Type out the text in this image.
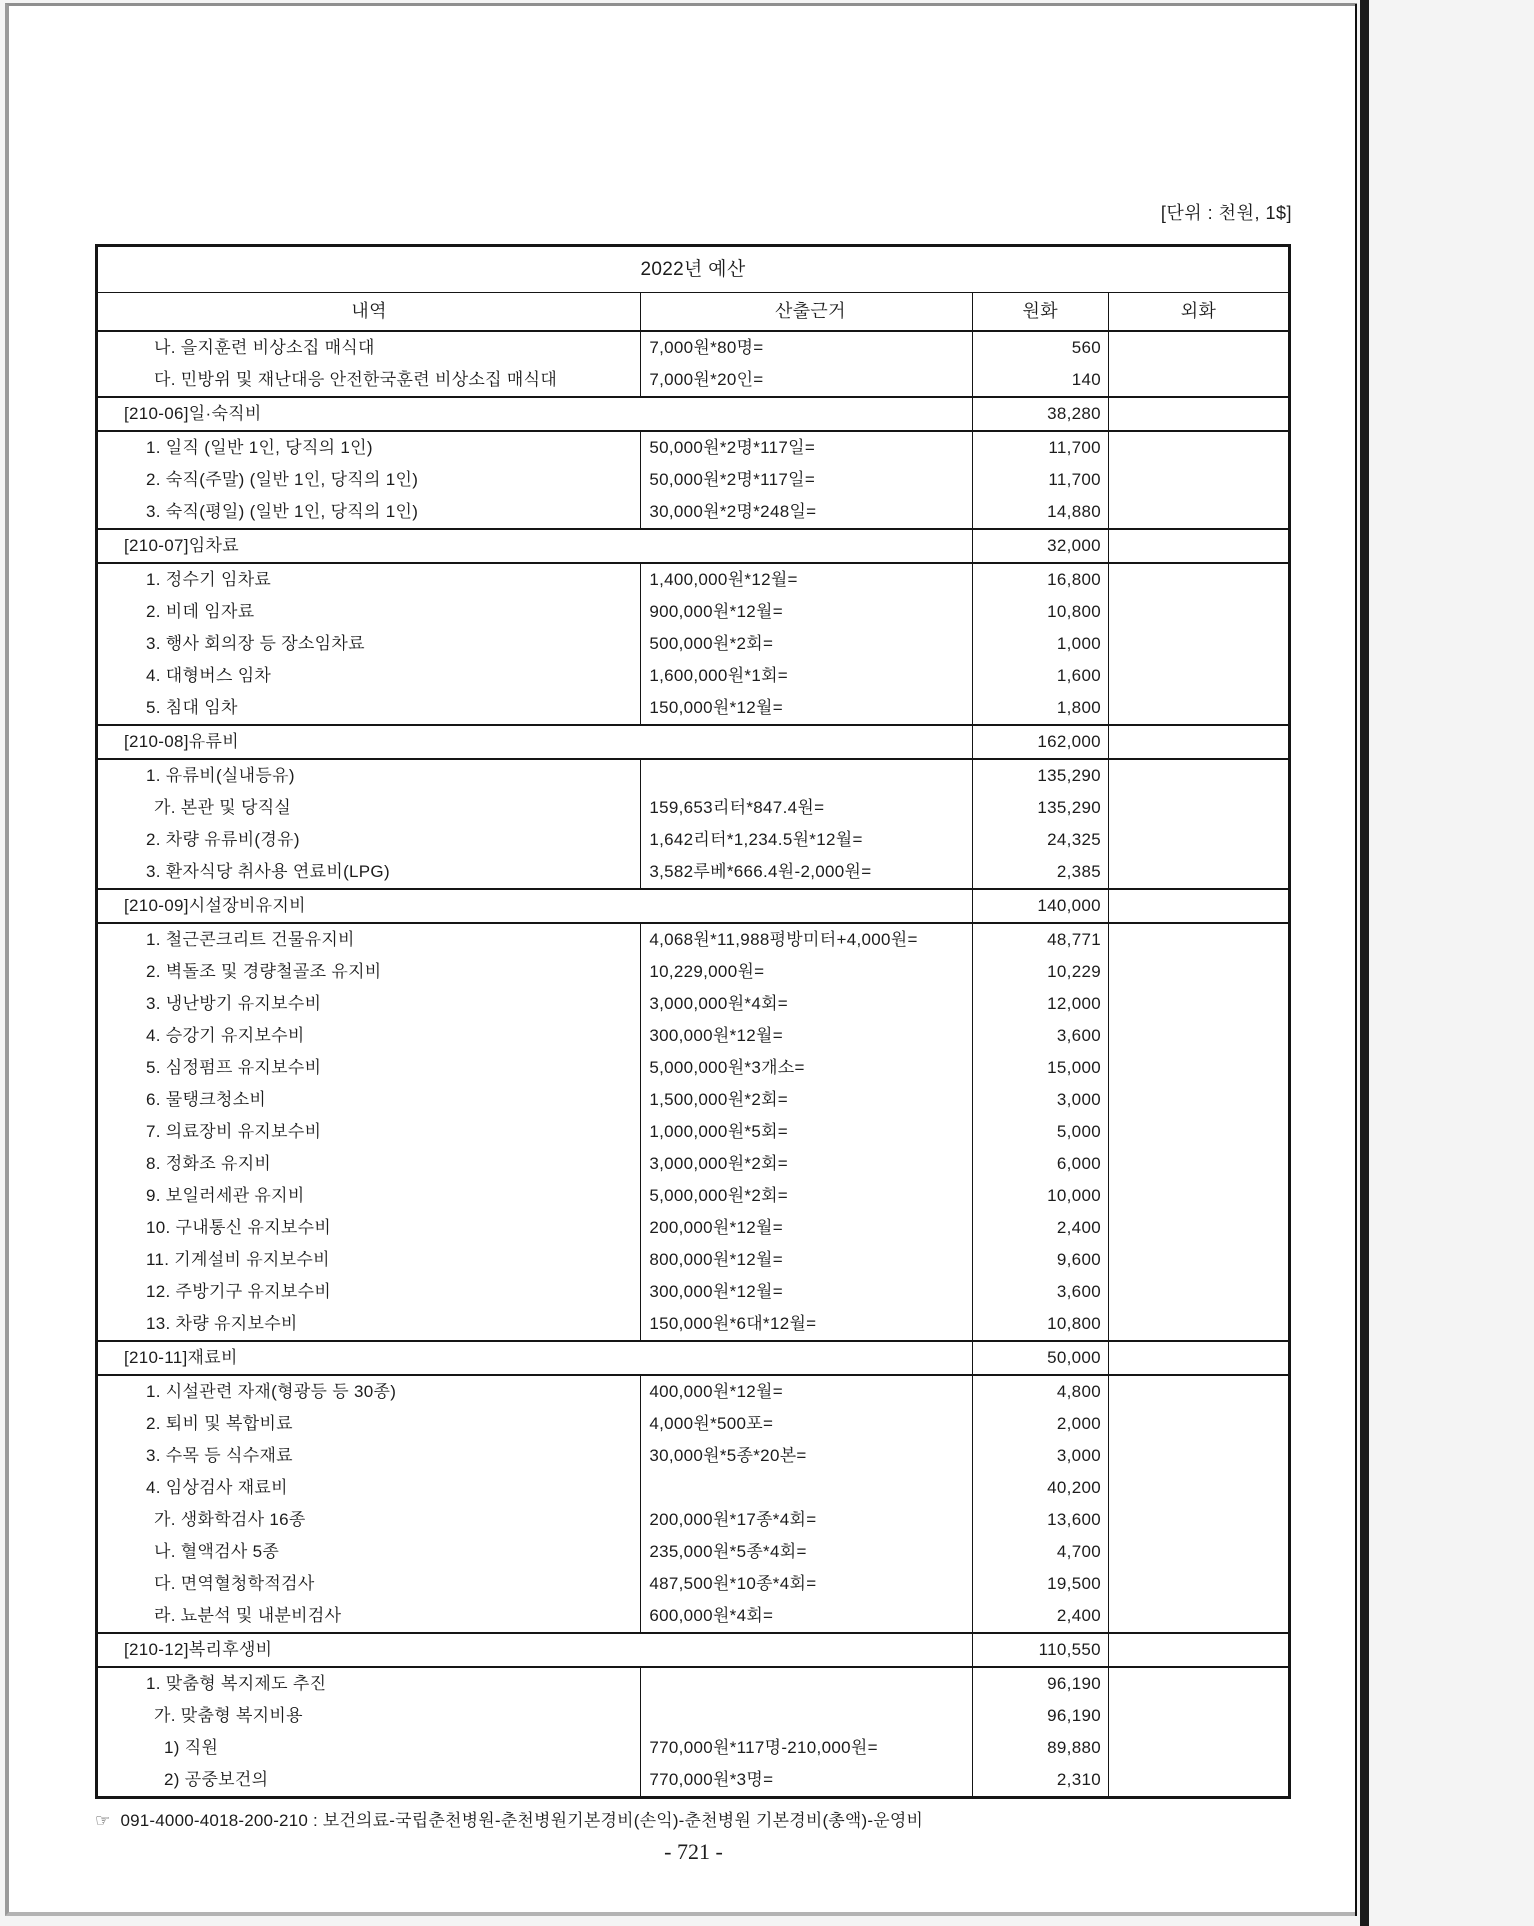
[단위 : 천원, 1$]
2022년 예산
내역	산출근거	원화	외화
나. 을지훈련 비상소집 매식대	7,000원*80명=	560
다. 민방위 및 재난대응 안전한국훈련 비상소집 매식대	7,000원*20인=	140
[210-06]일·숙직비	38,280
1. 일직 (일반 1인, 당직의 1인)	50,000원*2명*117일=	11,700
2. 숙직(주말) (일반 1인, 당직의 1인)	50,000원*2명*117일=	11,700
3. 숙직(평일) (일반 1인, 당직의 1인)	30,000원*2명*248일=	14,880
[210-07]임차료	32,000
1. 정수기 임차료	1,400,000원*12월=	16,800
2. 비데 임자료	900,000원*12월=	10,800
3. 행사 회의장 등 장소임차료	500,000원*2회=	1,000
4. 대형버스 임차	1,600,000원*1회=	1,600
5. 침대 임차	150,000원*12월=	1,800
[210-08]유류비	162,000
1. 유류비(실내등유)	135,290
가. 본관 및 당직실	159,653리터*847.4원=	135,290
2. 차량 유류비(경유)	1,642리터*1,234.5원*12월=	24,325
3. 환자식당 취사용 연료비(LPG)	3,582루베*666.4원-2,000원=	2,385
[210-09]시설장비유지비	140,000
1. 철근콘크리트 건물유지비	4,068원*11,988평방미터+4,000원=	48,771
2. 벽돌조 및 경량철골조 유지비	10,229,000원=	10,229
3. 냉난방기 유지보수비	3,000,000원*4회=	12,000
4. 승강기 유지보수비	300,000원*12월=	3,600
5. 심정펌프 유지보수비	5,000,000원*3개소=	15,000
6. 물탱크청소비	1,500,000원*2회=	3,000
7. 의료장비 유지보수비	1,000,000원*5회=	5,000
8. 정화조 유지비	3,000,000원*2회=	6,000
9. 보일러세관 유지비	5,000,000원*2회=	10,000
10. 구내통신 유지보수비	200,000원*12월=	2,400
11. 기계설비 유지보수비	800,000원*12월=	9,600
12. 주방기구 유지보수비	300,000원*12월=	3,600
13. 차량 유지보수비	150,000원*6대*12월=	10,800
[210-11]재료비	50,000
1. 시설관련 자재(형광등 등 30종)	400,000원*12월=	4,800
2. 퇴비 및 복합비료	4,000원*500포=	2,000
3. 수목 등 식수재료	30,000원*5종*20본=	3,000
4. 임상검사 재료비	40,200
가. 생화학검사 16종	200,000원*17종*4회=	13,600
나. 혈액검사 5종	235,000원*5종*4회=	4,700
다. 면역혈청학적검사	487,500원*10종*4회=	19,500
라. 뇨분석 및 내분비검사	600,000원*4회=	2,400
[210-12]복리후생비	110,550
1. 맞춤형 복지제도 추진	96,190
가. 맞춤형 복지비용	96,190
1) 직원	770,000원*117명-210,000원=	89,880
2) 공중보건의	770,000원*3명=	2,310
☞ 091-4000-4018-200-210 : 보건의료-국립춘천병원-춘천병원기본경비(손익)-춘천병원 기본경비(총액)-운영비
- 721 -
